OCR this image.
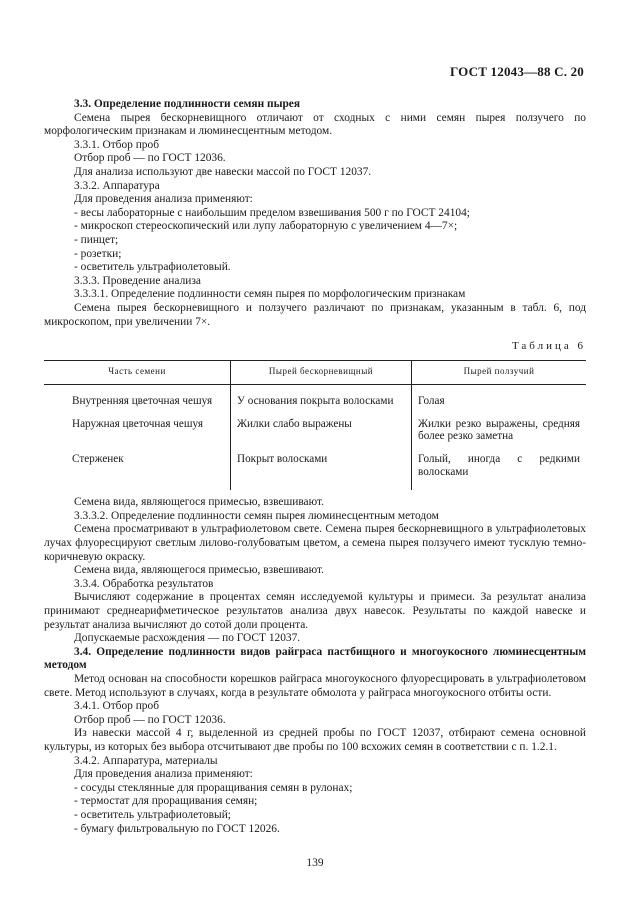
ГОСТ 12043—88 С. 20

3.3. Определение подлинности семян пырея

Семена пырея бескорневищного отличают от сходных с ними семян пырея ползучего по морфологическим признакам и люминесцентным методом.

3.3.1. Отбор проб

Отбор проб — по ГОСТ 12036.

Для анализа используют две навески массой по ГОСТ 12037.

3.3.2. Аппаратура

Для проведения анализа применяют:

- весы лабораторные с наибольшим пределом взвешивания 500 г по ГОСТ 24104;

- микроскоп стереоскопический или лупу лабораторную с увеличением 4—7×;

- пинцет;

- розетки;

- осветитель ультрафиолетовый.

3.3.3. Проведение анализа

3.3.3.1. Определение подлинности семян пырея по морфологическим признакам

Семена пырея бескорневищного и ползучего различают по признакам, указанным в табл. 6, под микроскопом, при увеличении 7×.

Таблица 6
Часть семени	Пырей бескорневищный	Пырей ползучий
Внутренняя цветочная чешуя	У основания покрыта волосками	Голая
Наружная цветочная чешуя	Жилки слабо выражены	Жилки резко выражены, средняя более резко заметна
Стерженек	Покрыт волосками	Голый, иногда с редкими волосками

Семена вида, являющегося примесью, взвешивают.

3.3.3.2. Определение подлинности семян пырея люминесцентным методом

Семена просматривают в ультрафиолетовом свете. Семена пырея бескорневищного в ультрафиолетовых лучах флуоресцируют светлым лилово-голубоватым цветом, а семена пырея ползучего имеют тусклую темно-коричневую окраску.

Семена вида, являющегося примесью, взвешивают.

3.3.4. Обработка результатов

Вычисляют содержание в процентах семян исследуемой культуры и примеси. За результат анализа принимают среднеарифметическое результатов анализа двух навесок. Результаты по каждой навеске и результат анализа вычисляют до сотой доли процента.

Допускаемые расхождения — по ГОСТ 12037.

3.4. Определение подлинности видов райграса пастбищного и многоукосного люминесцентным методом

Метод основан на способности корешков райграса многоукосного флуоресцировать в ультрафиолетовом свете. Метод используют в случаях, когда в результате обмолота у райграса многоукосного отбиты ости.

3.4.1. Отбор проб

Отбор проб — по ГОСТ 12036.

Из навески массой 4 г, выделенной из средней пробы по ГОСТ 12037, отбирают семена основной культуры, из которых без выбора отсчитывают две пробы по 100 всхожих семян в соответствии с п. 1.2.1.

3.4.2. Аппаратура, материалы

Для проведения анализа применяют:

- сосуды стеклянные для проращивания семян в рулонах;

- термостат для проращивания семян;

- осветитель ультрафиолетовый;

- бумагу фильтровальную по ГОСТ 12026.

139
